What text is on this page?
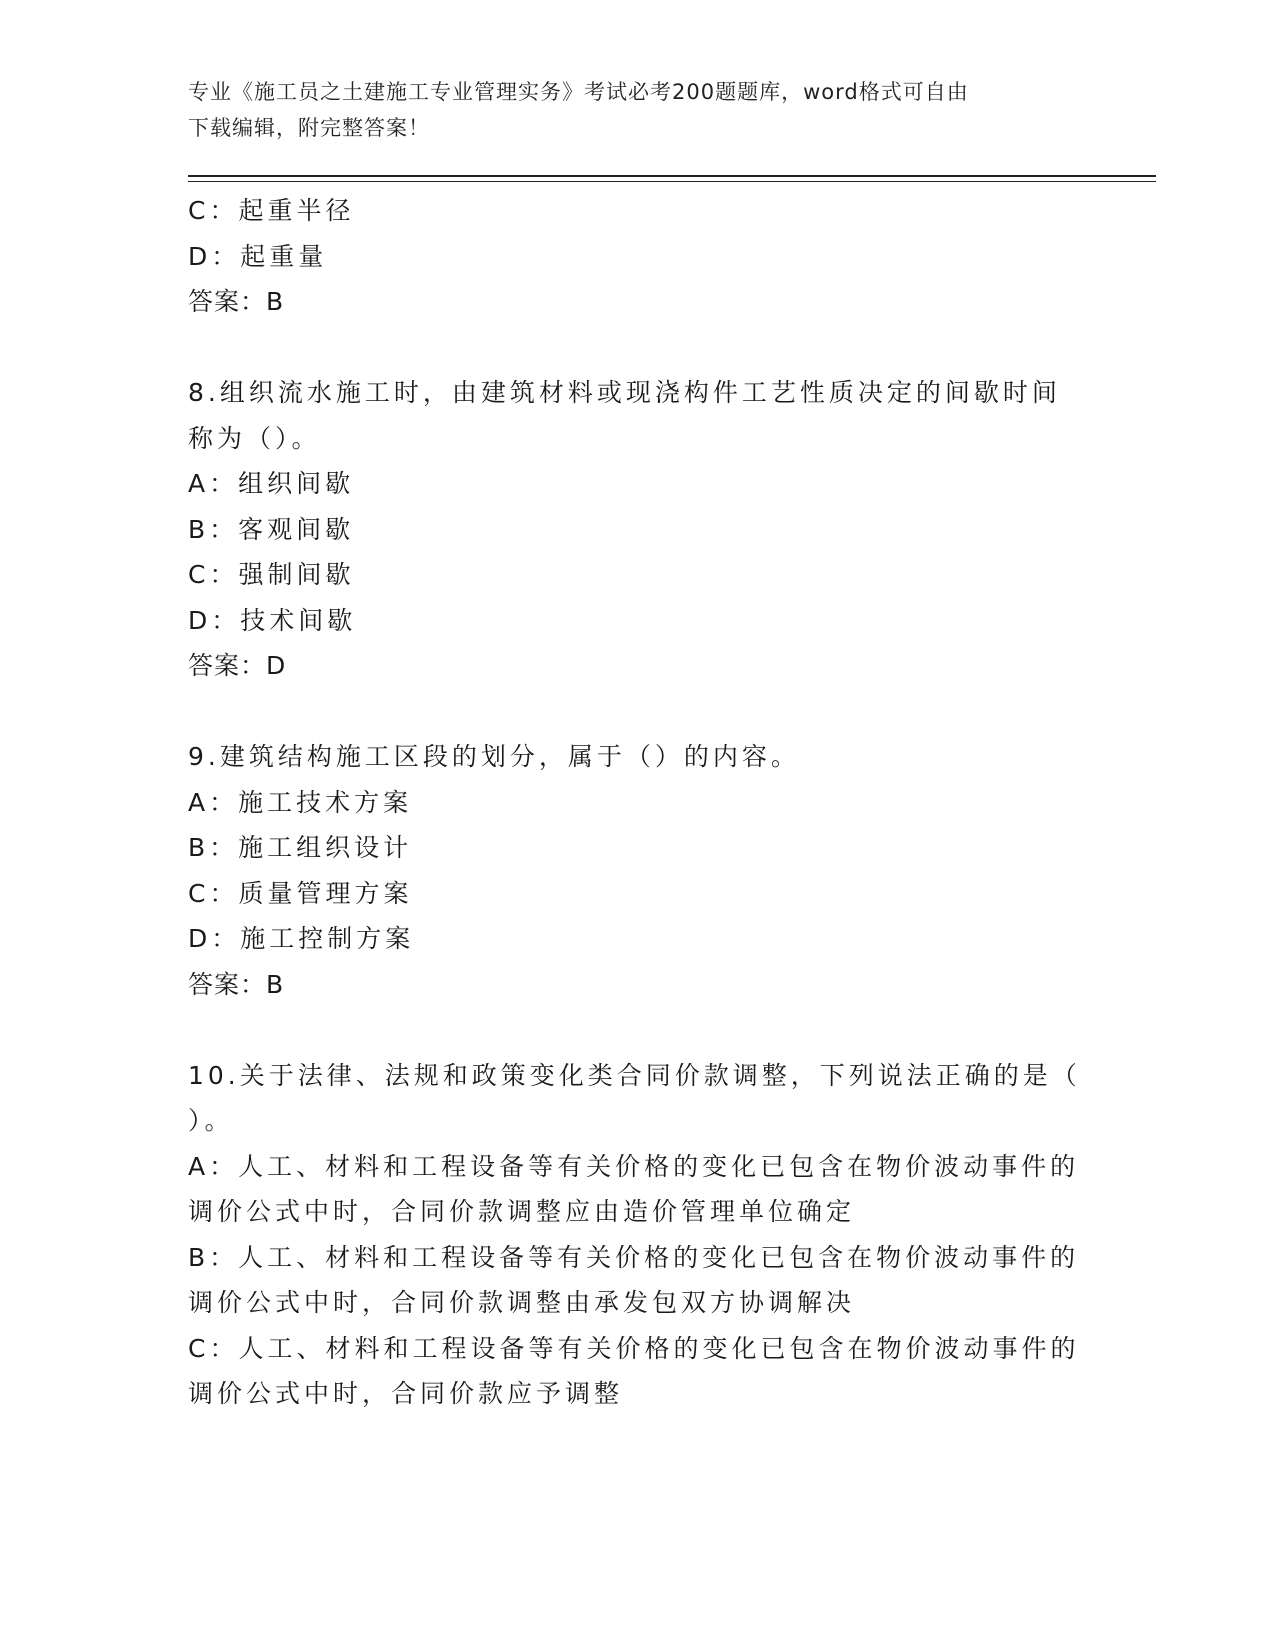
专业《施工员之土建施工专业管理实务》考试必考200题题库，word格式可自由
下载编辑，附完整答案！
C：起重半径
D：起重量
答案：B
8.组织流水施工时，由建筑材料或现浇构件工艺性质决定的间歇时间
称为（）。
A：组织间歇
B：客观间歇
C：强制间歇
D：技术间歇
答案：D
9.建筑结构施工区段的划分，属于（）的内容。
A：施工技术方案
B：施工组织设计
C：质量管理方案
D：施工控制方案
答案：B
10.关于法律、法规和政策变化类合同价款调整，下列说法正确的是（
）。
A：人工、材料和工程设备等有关价格的变化已包含在物价波动事件的
调价公式中时，合同价款调整应由造价管理单位确定
B：人工、材料和工程设备等有关价格的变化已包含在物价波动事件的
调价公式中时，合同价款调整由承发包双方协调解决
C：人工、材料和工程设备等有关价格的变化已包含在物价波动事件的
调价公式中时，合同价款应予调整
